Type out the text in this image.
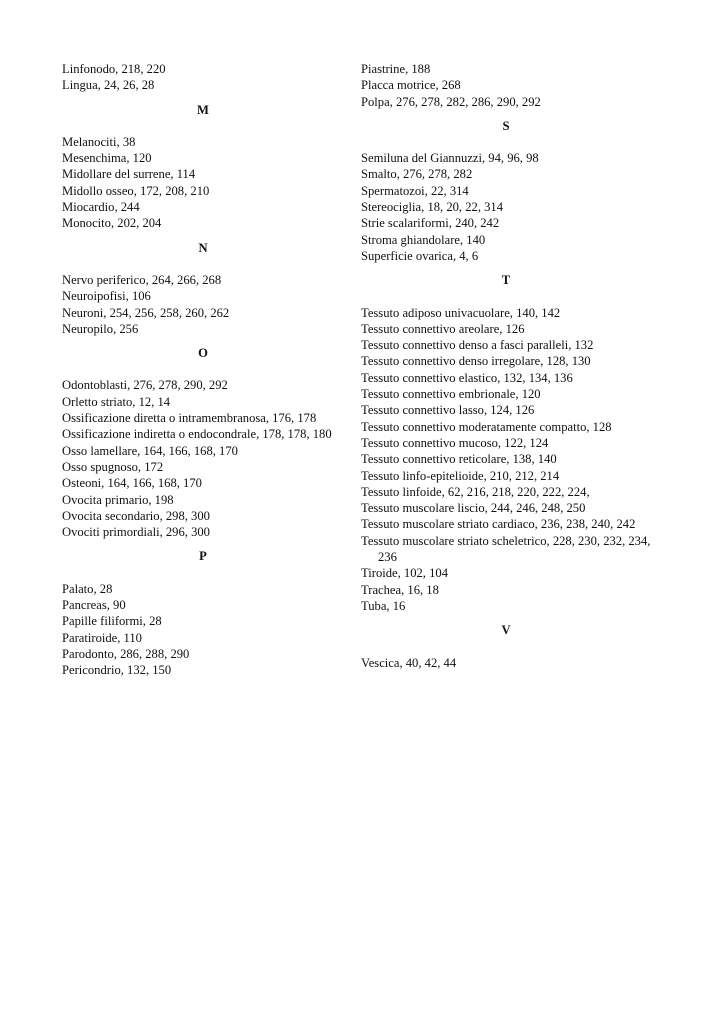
Linfonodo, 218, 220
Lingua, 24, 26, 28
M
Melanociti, 38
Mesenchima, 120
Midollare del surrene, 114
Midollo osseo, 172, 208, 210
Miocardio, 244
Monocito, 202, 204
N
Nervo periferico, 264, 266, 268
Neuroipofisi, 106
Neuroni, 254, 256, 258, 260, 262
Neuropilo, 256
O
Odontoblasti, 276, 278, 290, 292
Orletto striato, 12, 14
Ossificazione diretta o intramembranosa, 176, 178
Ossificazione indiretta o endocondrale, 178, 178, 180
Osso lamellare, 164, 166, 168, 170
Osso spugnoso, 172
Osteoni, 164, 166, 168, 170
Ovocita primario, 198
Ovocita secondario, 298, 300
Ovociti primordiali, 296, 300
P
Palato, 28
Pancreas, 90
Papille filiformi, 28
Paratiroide, 110
Parodonto, 286, 288, 290
Pericondrio, 132, 150
Piastrine, 188
Placca motrice, 268
Polpa, 276, 278, 282, 286, 290, 292
S
Semiluna del Giannuzzi, 94, 96, 98
Smalto, 276, 278, 282
Spermatozoi, 22, 314
Stereociglia, 18, 20, 22, 314
Strie scalariformi, 240, 242
Stroma ghiandolare, 140
Superficie ovarica, 4, 6
T
Tessuto adiposo univacuolare, 140, 142
Tessuto connettivo areolare, 126
Tessuto connettivo denso a fasci paralleli, 132
Tessuto connettivo denso irregolare, 128, 130
Tessuto connettivo elastico, 132, 134, 136
Tessuto connettivo embrionale, 120
Tessuto connettivo lasso, 124, 126
Tessuto connettivo moderatamente compatto, 128
Tessuto connettivo mucoso, 122, 124
Tessuto connettivo reticolare, 138, 140
Tessuto linfo-epitelioide, 210, 212, 214
Tessuto linfoide, 62, 216, 218, 220, 222, 224,
Tessuto muscolare liscio, 244, 246, 248, 250
Tessuto muscolare striato cardiaco, 236, 238, 240, 242
Tessuto muscolare striato scheletrico, 228, 230, 232, 234, 236
Tiroide, 102, 104
Trachea, 16, 18
Tuba, 16
V
Vescica, 40, 42, 44
